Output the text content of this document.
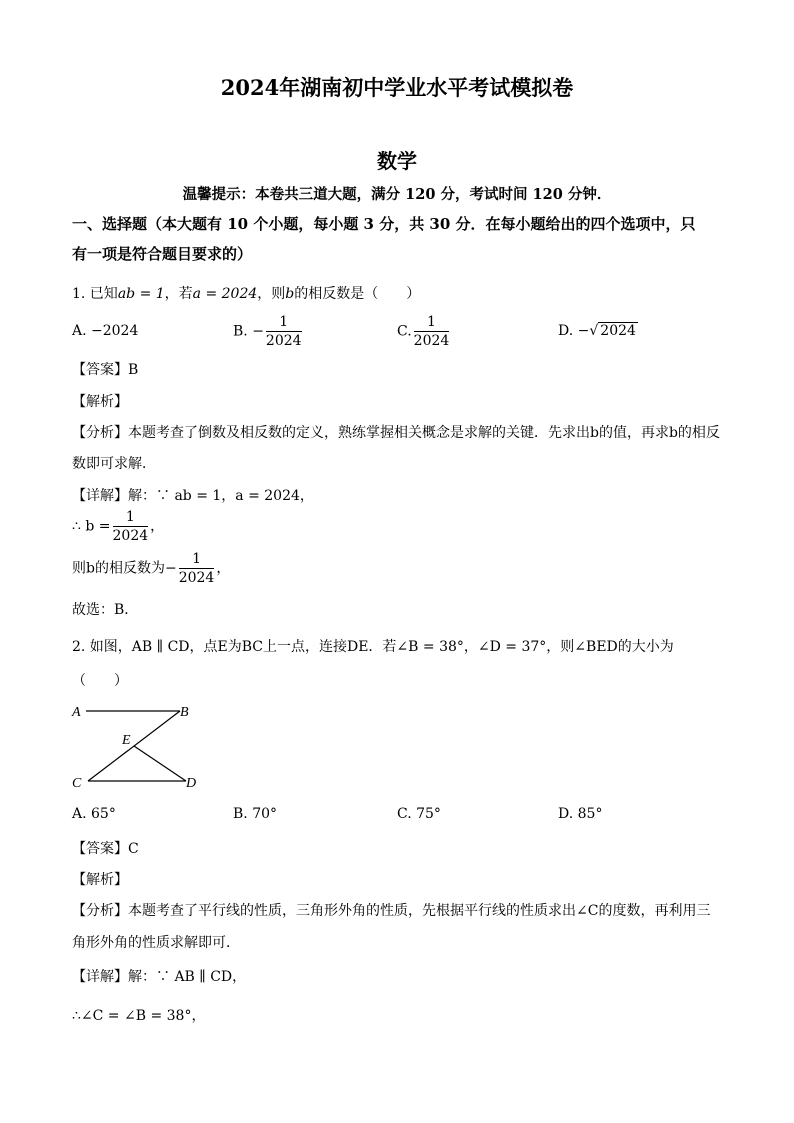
2024年湖南初中学业水平考试模拟卷
数学
温馨提示：本卷共三道大题，满分 120 分，考试时间 120 分钟．
一、选择题（本大题有 10 个小题，每小题 3 分，共 30 分．在每小题给出的四个选项中，只
有一项是符合题目要求的）
1. 已知ab = 1，若a = 2024，则b的相反数是（　　）
A. −2024	B. − $\frac{1}{2024}$	C. $\frac{1}{2024}$	D. −√ 2024
【答案】B
【解析】
【分析】本题考查了倒数及相反数的定义，熟练掌握相关概念是求解的关键．先求出b的值，再求b的相反
数即可求解．
【详解】解：∵ ab = 1，a = 2024，
∴ $b = \frac{1}{2024}$ ，
则b的相反数为− $\frac{1}{2024}$ ，
故选：B．
2. 如图，AB ∥ CD，点E为BC上一点，连接DE．若∠B = 38°，∠D = 37°，则∠BED的大小为
（　　）
A	B
E
C	D
A. 65°	B. 70°	C. 75°	D. 85°
【答案】C
【解析】
【分析】本题考查了平行线的性质，三角形外角的性质，先根据平行线的性质求出∠C的度数，再利用三
角形外角的性质求解即可．
【详解】解：∵ AB ∥ CD，
∴∠C = ∠B = 38°，
